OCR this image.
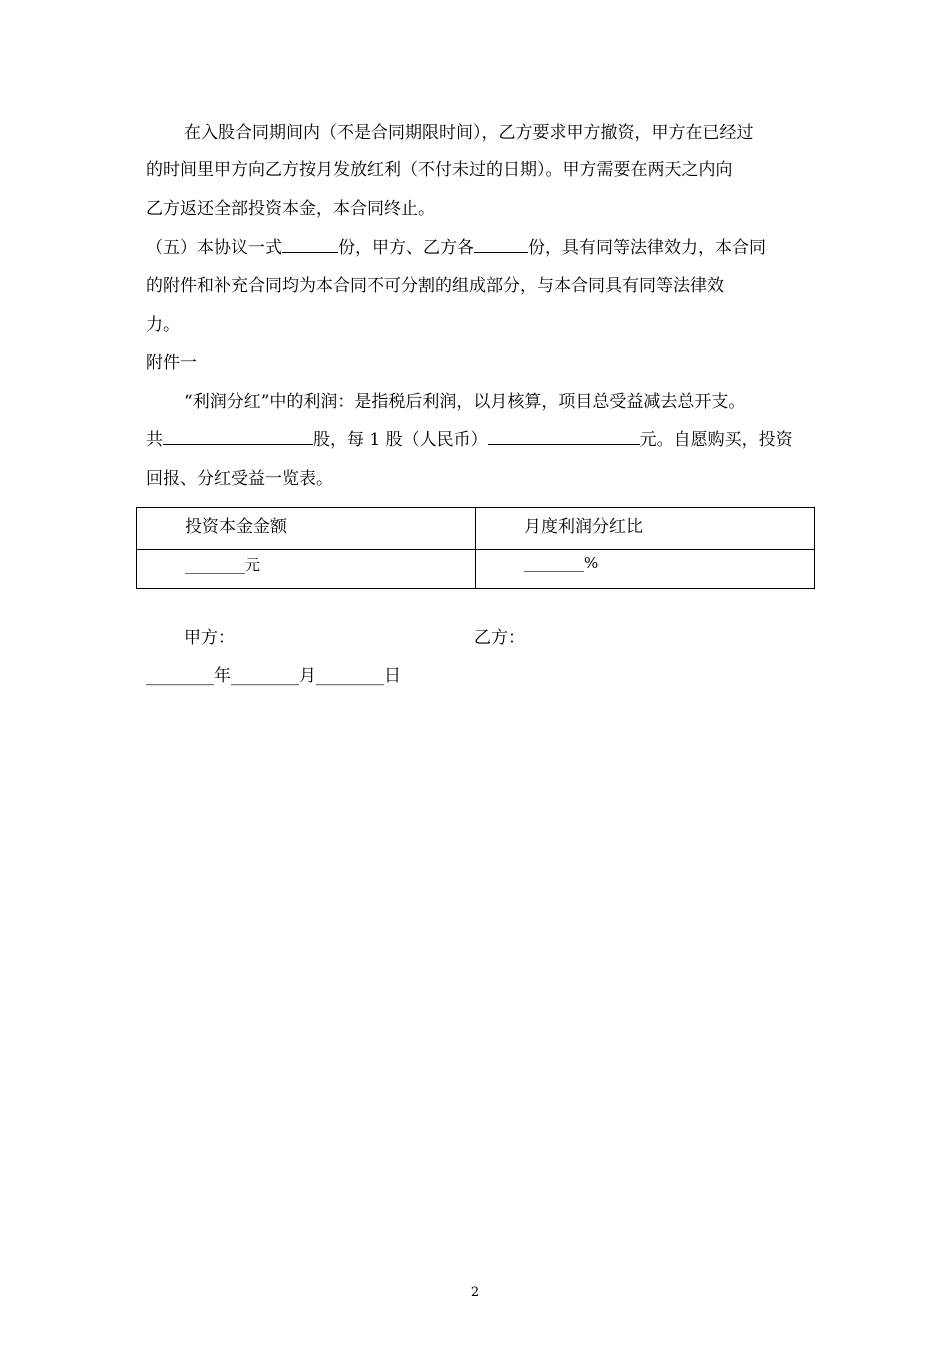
在入股合同期间内（不是合同期限时间），乙方要求甲方撤资，甲方在已经过
的时间里甲方向乙方按月发放红利（不付未过的日期）。甲方需要在两天之内向
乙方返还全部投资本金，本合同终止。
（五）本协议一式	份，甲方、乙方各	份，具有同等法律效力，本合同
的附件和补充合同均为本合同不可分割的组成部分，与本合同具有同等法律效
力。
附件一
“利润分红”中的利润：是指税后利润，以月核算，项目总受益减去总开支。
共	股，每 1 股（人民币）	元。自愿购买，投资
回报、分红受益一览表。
投资本金金额	月度利润分红比

________元	________%
甲方：	乙方：
________年________月________日
2
